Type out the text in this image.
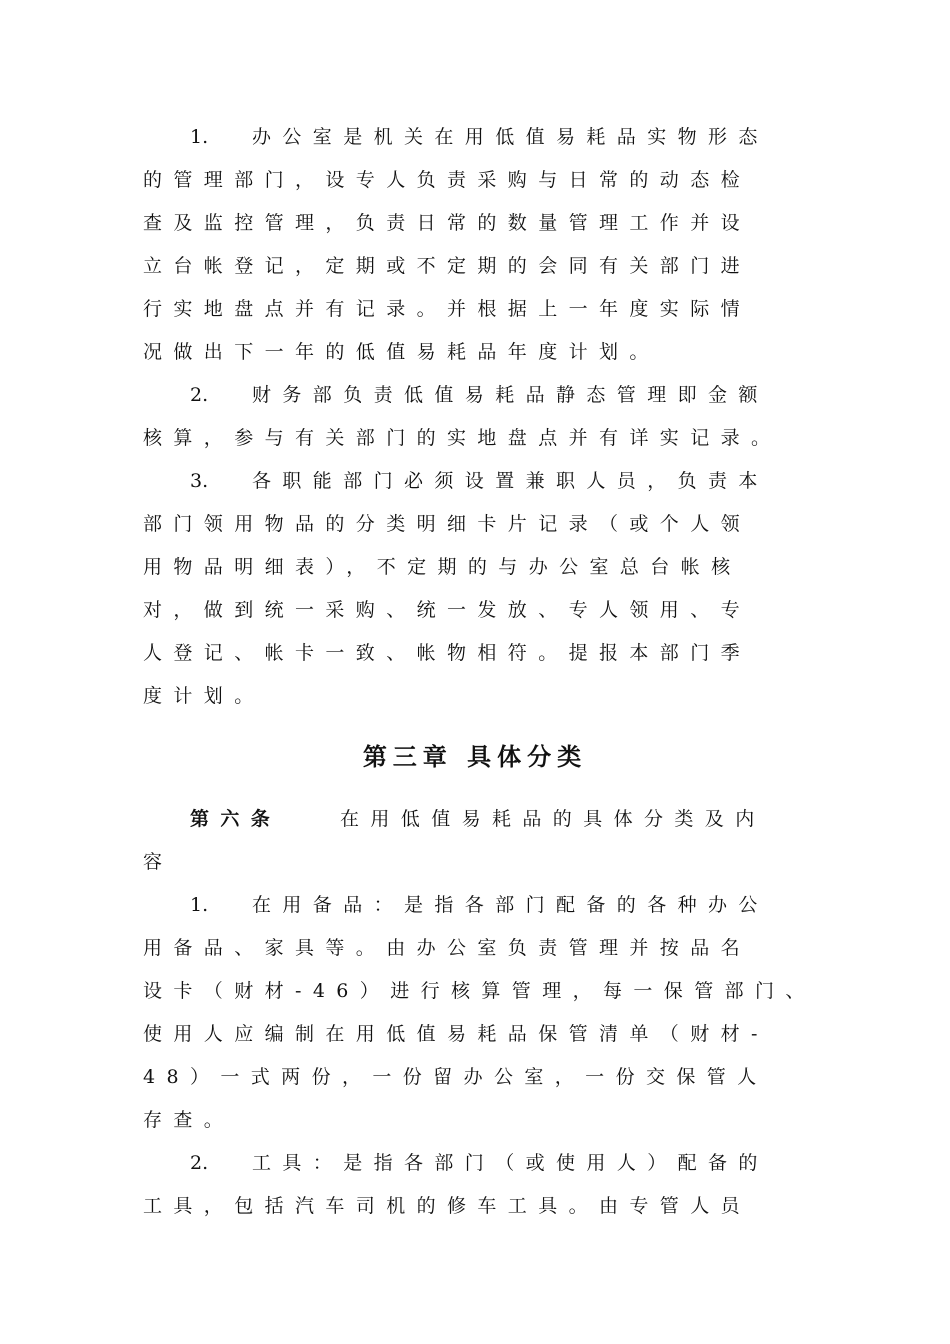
1. 办公室是机关在用低值易耗品实物形态
的管理部门，设专人负责采购与日常的动态检
查及监控管理，负责日常的数量管理工作并设
立台帐登记，定期或不定期的会同有关部门进
行实地盘点并有记录。并根据上一年度实际情
况做出下一年的低值易耗品年度计划。
2. 财务部负责低值易耗品静态管理即金额
核算，参与有关部门的实地盘点并有详实记录。
3. 各职能部门必须设置兼职人员，负责本
部门领用物品的分类明细卡片记录（或个人领
用物品明细表），不定期的与办公室总台帐核
对，做到统一采购、统一发放、专人领用、专
人登记、帐卡一致、帐物相符。提报本部门季
度计划。
第三章 具体分类
第六条	在用低值易耗品的具体分类及内
容
1. 在用备品：是指各部门配备的各种办公
用备品、家具等。由办公室负责管理并按品名
设卡（财材-46）进行核算管理，每一保管部门、
使用人应编制在用低值易耗品保管清单（财材-
48）一式两份，一份留办公室，一份交保管人
存查。
2. 工具：是指各部门（或使用人）配备的
工具，包括汽车司机的修车工具。由专管人员
